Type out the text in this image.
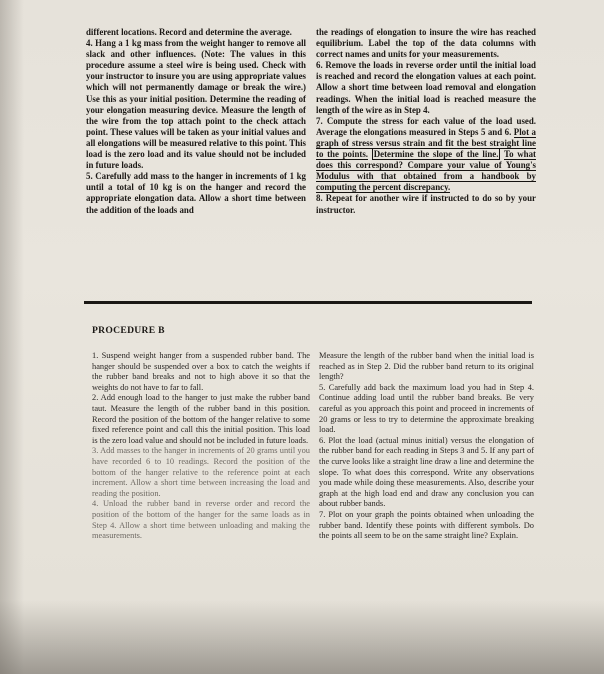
different locations. Record and determine the average.

4. Hang a 1 kg mass from the weight hanger to remove all slack and other influences. (Note: The values in this procedure assume a steel wire is being used. Check with your instructor to insure you are using appropriate values which will not permanently damage or break the wire.) Use this as your initial position. Determine the reading of your elongation measuring device. Measure the length of the wire from the top attach point to the check attach point. These values will be taken as your initial values and all elongations will be measured relative to this point. This load is the zero load and its value should not be included in future loads.

5. Carefully add mass to the hanger in increments of 1 kg until a total of 10 kg is on the hanger and record the appropriate elongation data. Allow a short time between the addition of the loads and

the readings of elongation to insure the wire has reached equilibrium. Label the top of the data columns with correct names and units for your measurements.

6. Remove the loads in reverse order until the initial load is reached and record the elongation values at each point. Allow a short time between load removal and elongation readings. When the initial load is reached measure the length of the wire as in Step 4.

7. Compute the stress for each value of the load used. Average the elongations measured in Steps 5 and 6. Plot a graph of stress versus strain and fit the best straight line to the points. Determine the slope of the line. To what does this correspond? Compare your value of Young's Modulus with that obtained from a handbook by computing the percent discrepancy.

8. Repeat for another wire if instructed to do so by your instructor.

PROCEDURE B

1. Suspend weight hanger from a suspended rubber band. The hanger should be suspended over a box to catch the weights if the rubber band breaks and not to high above it so that the weights do not have to far to fall.

2. Add enough load to the hanger to just make the rubber band taut. Measure the length of the rubber band in this position. Record the position of the bottom of the hanger relative to some fixed reference point and call this the initial position. This load is the zero load value and should not be included in future loads.

3. Add masses to the hanger in increments of 20 grams until you have recorded 6 to 10 readings. Record the position of the bottom of the hanger relative to the reference point at each increment. Allow a short time between increasing the load and reading the position.

4. Unload the rubber band in reverse order and record the position of the bottom of the hanger for the same loads as in Step 4. Allow a short time between unloading and making the measurements.

Measure the length of the rubber band when the initial load is reached as in Step 2. Did the rubber band return to its original length?

5. Carefully add back the maximum load you had in Step 4. Continue adding load until the rubber band breaks. Be very careful as you approach this point and proceed in increments of 20 grams or less to try to determine the approximate breaking load.

6. Plot the load (actual minus initial) versus the elongation of the rubber band for each reading in Steps 3 and 5. If any part of the curve looks like a straight line draw a line and determine the slope. To what does this correspond. Write any observations you made while doing these measurements. Also, describe your graph at the high load end and draw any conclusion you can about rubber bands.

7. Plot on your graph the points obtained when unloading the rubber band. Identify these points with different symbols. Do the points all seem to be on the same straight line? Explain.
